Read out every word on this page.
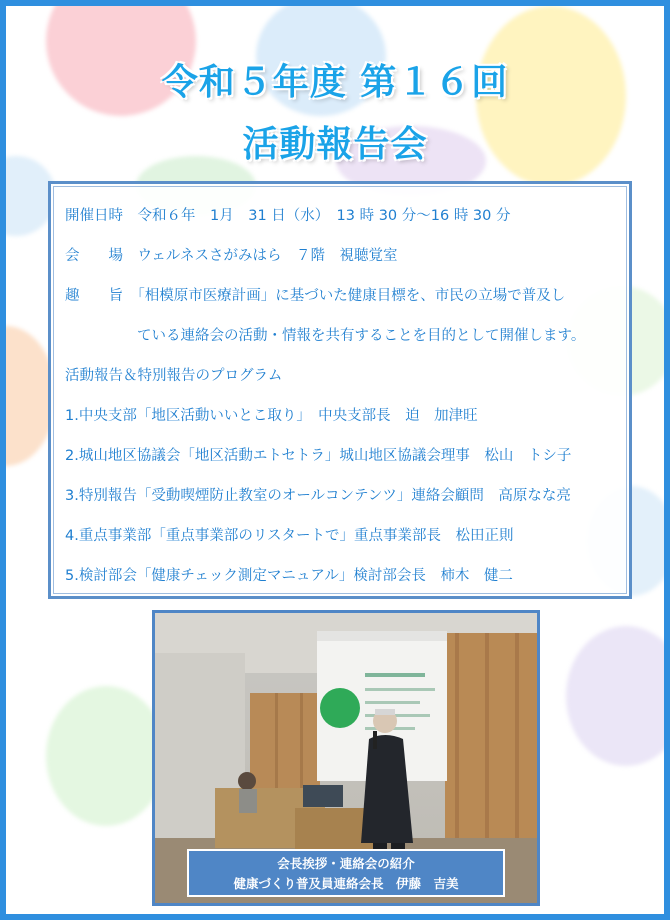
令和５年度 第１６回
活動報告会
開催日時　令和６年　1月　31 日（水）　13 時 30 分～16 時 30 分
会　　場　ウェルネスさがみはら　７階　視聴覚室
趣　　旨　「相模原市医療計画」に基づいた健康目標を、市民の立場で普及し
ている連絡会の活動・情報を共有することを目的として開催します。
活動報告＆特別報告のプログラム
1.中央支部「地区活動いいとこ取り」　中央支部長　迫　加津旺
2.城山地区協議会「地区活動エトセトラ」城山地区協議会理事　松山　トシ子
3.特別報告「受動喫煙防止教室のオールコンテンツ」連絡会顧問　高原なな亮
4.重点事業部「重点事業部のリスタートで」重点事業部長　松田正則
5.検討部会「健康チェック測定マニュアル」検討部会長　柿木　健二
会長挨拶・連絡会の紹介
健康づくり普及員連絡会長　伊藤　吉美
